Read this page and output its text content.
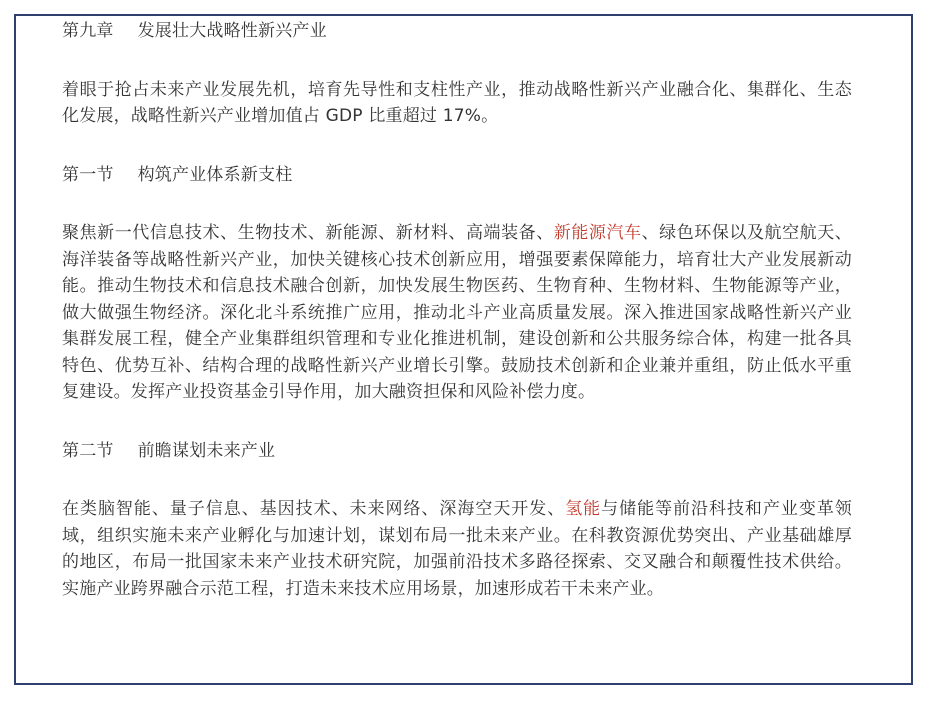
第九章 发展壮大战略性新兴产业

着眼于抢占未来产业发展先机，培育先导性和支柱性产业，推动战略性新兴产业融合化、集群化、生态化发展，战略性新兴产业增加值占 GDP 比重超过 17%。

第一节 构筑产业体系新支柱

聚焦新一代信息技术、生物技术、新能源、新材料、高端装备、新能源汽车、绿色环保以及航空航天、海洋装备等战略性新兴产业，加快关键核心技术创新应用，增强要素保障能力，培育壮大产业发展新动能。推动生物技术和信息技术融合创新，加快发展生物医药、生物育种、生物材料、生物能源等产业，做大做强生物经济。深化北斗系统推广应用，推动北斗产业高质量发展。深入推进国家战略性新兴产业集群发展工程，健全产业集群组织管理和专业化推进机制，建设创新和公共服务综合体，构建一批各具特色、优势互补、结构合理的战略性新兴产业增长引擎。鼓励技术创新和企业兼并重组，防止低水平重复建设。发挥产业投资基金引导作用，加大融资担保和风险补偿力度。

第二节 前瞻谋划未来产业

在类脑智能、量子信息、基因技术、未来网络、深海空天开发、氢能与储能等前沿科技和产业变革领域，组织实施未来产业孵化与加速计划，谋划布局一批未来产业。在科教资源优势突出、产业基础雄厚的地区，布局一批国家未来产业技术研究院，加强前沿技术多路径探索、交叉融合和颠覆性技术供给。实施产业跨界融合示范工程，打造未来技术应用场景，加速形成若干未来产业。
